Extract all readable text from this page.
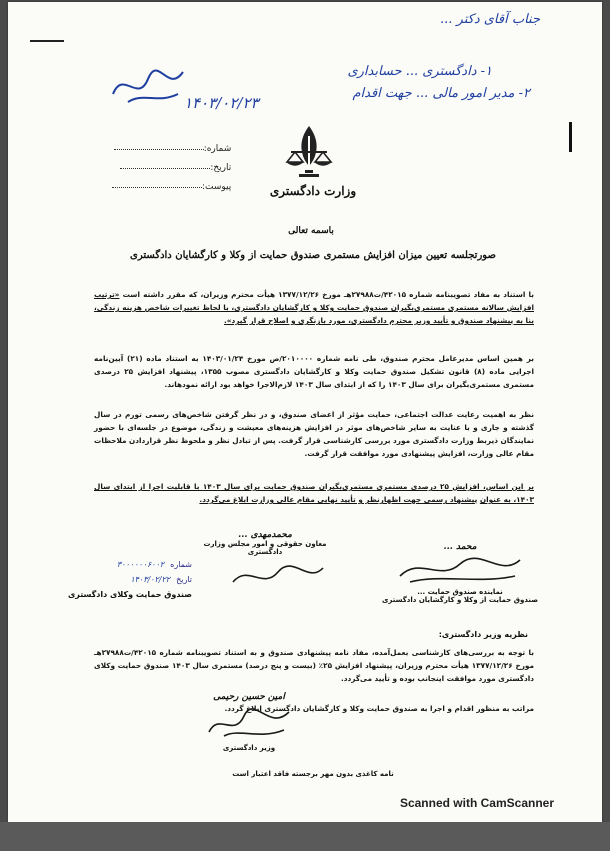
جناب آقای دکتر ...
۱- دادگستری ... حسابداری
۲- مدیر امور مالی ... جهت اقدام
۱۴۰۳/۰۲/۲۳
شماره:
تاریخ:
پیوست:	وزارت دادگستری
باسمه تعالی
صورتجلسه تعیین میزان افزایش مستمری صندوق حمایت از وکلا و کارگشایان دادگستری
با استناد به مفاد تصویبنامه شماره ۴۲۰۱۵/ت۲۷۹۸۸هـ مورخ ۱۳۷۷/۱۲/۲۶ هیأت محترم وزیران، که مقرر داشته است «ترتیب افزایش سالانه مستمری مستمری‌بگیران صندوق حمایت وکلا و کارگشایان دادگستری، با لحاظ تغییرات شاخص هزینه زندگی، بنا به پیشنهاد صندوق و تأیید وزیر محترم دادگستری، مورد بازنگری و اصلاح قرار گیرد».
بر همین اساس مدیرعامل محترم صندوق، طی نامه شماره ۲۰۱۰۰۰۰/ص مورخ ۱۴۰۳/۰۱/۲۴ به استناد ماده (۲۱) آیین‌نامه اجرایی ماده (۸) قانون تشکیل صندوق حمایت وکلا و کارگشایان دادگستری مصوب ۱۳۵۵، پیشنهاد افزایش ۲۵ درصدی مستمری مستمری‌بگیران برای سال ۱۴۰۳ را که از ابتدای سال ۱۴۰۳ لازم‌الاجرا خواهد بود ارائه نمودهاند.
نظر به اهمیت رعایت عدالت اجتماعی، حمایت مؤثر از اعضای صندوق، و در نظر گرفتن شاخص‌های رسمی تورم در سال گذشته و جاری و با عنایت به سایر شاخص‌های موثر در افزایش هزینه‌های معیشت و زندگی، موضوع در جلسه‌ای با حضور نمایندگان ذیربط وزارت دادگستری مورد بررسی کارشناسی قرار گرفت. پس از تبادل نظر و ملحوظ نظر قراردادن ملاحظات مقام عالی وزارت، افزایش پیشنهادی مورد موافقت قرار گرفت.
بر این اساس، افزایش ۲۵ درصدی مستمری مستمری‌بگیران صندوق حمایت برای سال ۱۴۰۳ با قابلیت اجرا از ابتدای سال ۱۴۰۳، به عنوان پیشنهاد رسمی جهت اظهارنظر و تأیید نهایی مقام عالی وزارت ابلاغ می‌گردد.
محمدمهدی ...
معاون حقوقی و امور مجلس وزارت دادگستری	محمد ...
نماینده صندوق حمایت ...
صندوق حمایت از وکلا و کارگشایان دادگستری
شماره
۳۰۰۰۰۰۰۶۰۰۲
تاریخ
۱۴۰۳/۰۲/۲۲
صندوق حمایت وکلای دادگستری
نظریه وزیر دادگستری:
با توجه به بررسی‌های کارشناسی بعمل‌آمده، مفاد نامه پیشنهادی صندوق و به استناد تصویبنامه شماره ۴۲۰۱۵/ت۲۷۹۸۸هـ مورخ ۱۳۷۷/۱۲/۲۶ هیأت محترم وزیران، پیشنهاد افزایش ۲۵٪ (بیست و پنج درصد) مستمری سال ۱۴۰۳ صندوق حمایت وکلای دادگستری مورد موافقت اینجانب بوده و تأیید می‌گردد.
مراتب به منظور اقدام و اجرا به صندوق حمایت وکلا و کارگشایان دادگستری ابلاغ گردد.
امین حسین رحیمی
وزیر دادگستری
نامه کاغذی بدون مهر برجسته فاقد اعتبار است
Scanned with CamScanner
